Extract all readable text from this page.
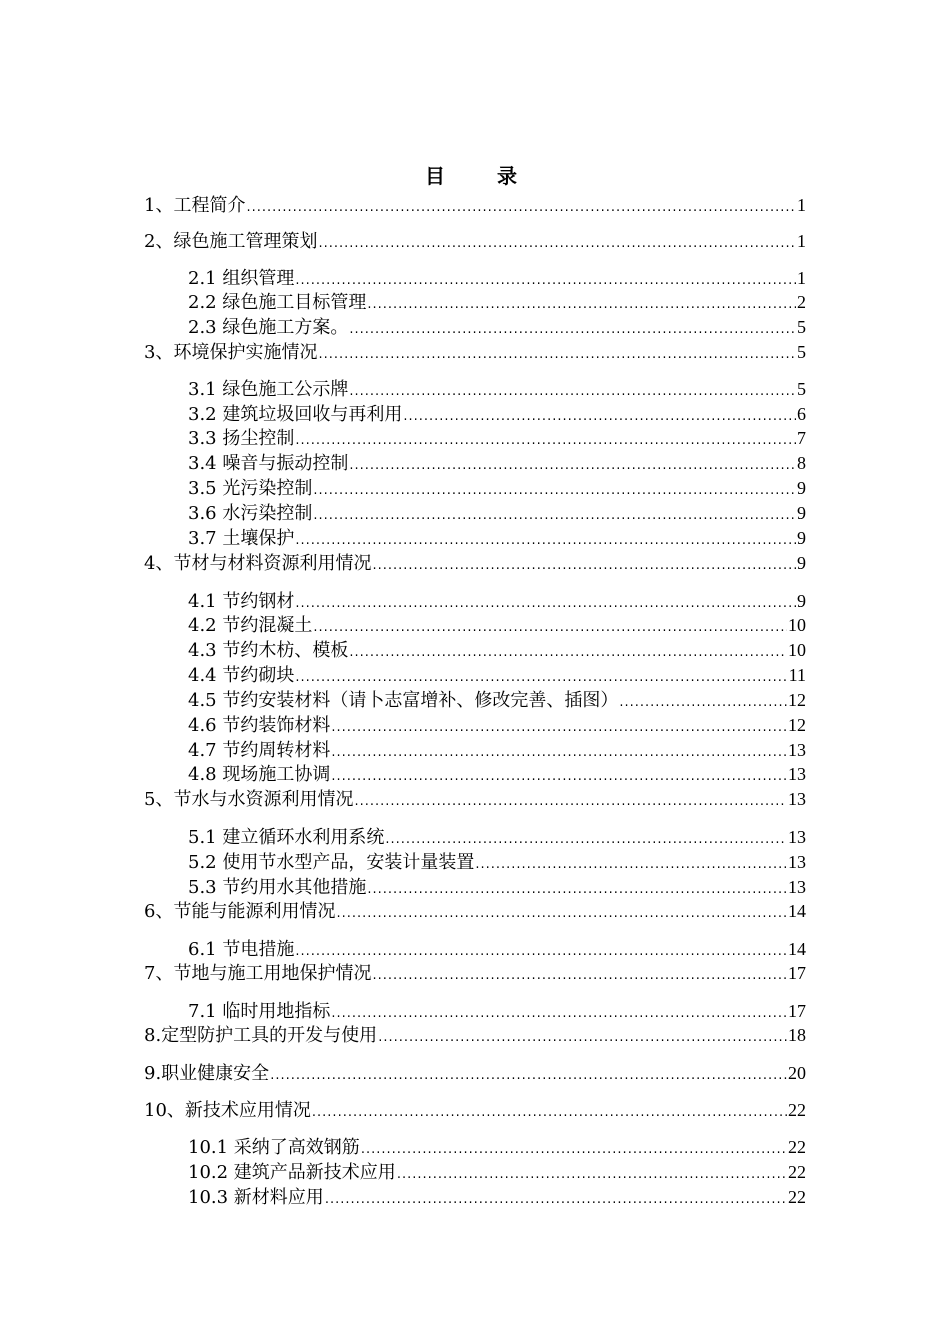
目　录
1、工程简介 .....	1
2、绿色施工管理策划 .....	1
2.1 组织管理 .....	1
2.2 绿色施工目标管理 .....	2
2.3 绿色施工方案。 .....	5
3、环境保护实施情况 .....	5
3.1 绿色施工公示牌 .....	5
3.2 建筑垃圾回收与再利用 .....	6
3.3 扬尘控制 .....	7
3.4 噪音与振动控制 .....	8
3.5 光污染控制 .....	9
3.6 水污染控制 .....	9
3.7 土壤保护 .....	9
4、节材与材料资源利用情况 .....	9
4.1 节约钢材 .....	9
4.2 节约混凝土 .....	10
4.3 节约木枋、模板 .....	10
4.4 节约砌块 .....	11
4.5 节约安装材料（请卜志富增补、修改完善、插图） .....	12
4.6 节约装饰材料 .....	12
4.7 节约周转材料 .....	13
4.8 现场施工协调 .....	13
5、节水与水资源利用情况 .....	13
5.1 建立循环水利用系统 .....	13
5.2 使用节水型产品，安装计量装置 .....	13
5.3 节约用水其他措施 .....	13
6、节能与能源利用情况 .....	14
6.1 节电措施 .....	14
7、节地与施工用地保护情况 .....	17
7.1 临时用地指标 .....	17
8.定型防护工具的开发与使用 .....	18
9.职业健康安全 .....	20
10、新技术应用情况 .....	22
10.1 采纳了高效钢筋 .....	22
10.2 建筑产品新技术应用 .....	22
10.3 新材料应用 .....	22
